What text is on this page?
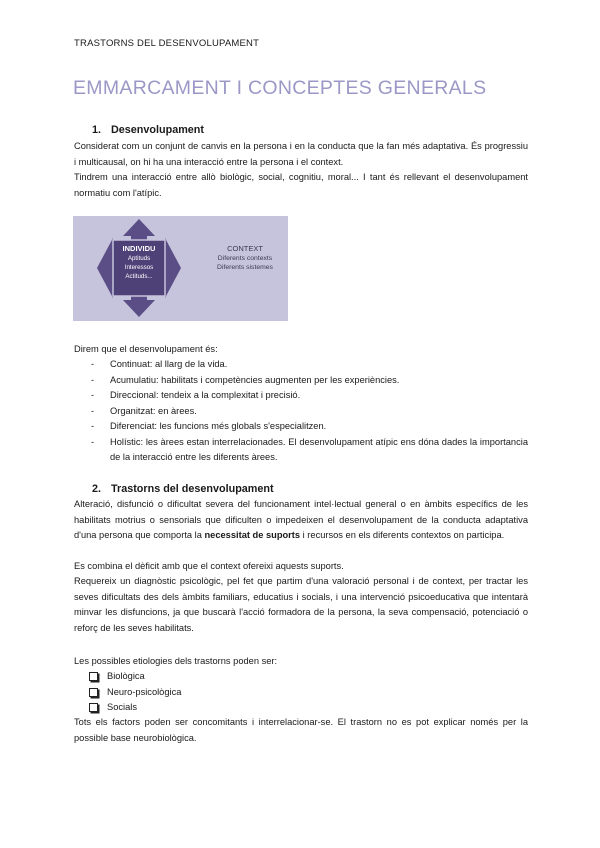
TRASTORNS DEL DESENVOLUPAMENT
EMMARCAMENT I CONCEPTES GENERALS
1. Desenvolupament
Considerat com un conjunt de canvis en la persona i en la conducta que la fan més adaptativa. És progressiu i multicausal, on hi ha una interacció entre la persona i el context.
Tindrem una interacció entre allò biològic, social, cognitiu, moral... I tant és rellevant el desenvolupament normatiu com l'atípic.
INDIVIDU
Aptituds
Interessos
Actituds...
CONTEXT
Diferents contexts
Diferents sistemes
Direm que el desenvolupament és:
- Continuat: al llarg de la vida.
- Acumulatiu: habilitats i competències augmenten per les experiències.
- Direccional: tendeix a la complexitat i precisió.
- Organitzat: en àrees.
- Diferenciat: les funcions més globals s'especialitzen.
- Holístic: les àrees estan interrelacionades. El desenvolupament atípic ens dóna dades la importancia de la interacció entre les diferents àrees.
2. Trastorns del desenvolupament
Alteració, disfunció o dificultat severa del funcionament intel·lectual general o en àmbits específics de les habilitats motrius o sensorials que dificulten o impedeixen el desenvolupament de la conducta adaptativa d'una persona que comporta la necessitat de suports i recursos en els diferents contextos on participa.
Es combina el dèficit amb que el context ofereixi aquests suports.
Requereix un diagnòstic psicològic, pel fet que partim d'una valoració personal i de context, per tractar les seves dificultats des dels àmbits familiars, educatius i socials, i una intervenció psicoeducativa que intentarà minvar les disfuncions, ja que buscarà l'acció formadora de la persona, la seva compensació, potenciació o reforç de les seves habilitats.
Les possibles etiologies dels trastorns poden ser:
Biològica
Neuro-psicològica
Socials
Tots els factors poden ser concomitants i interrelacionar-se. El trastorn no es pot explicar només per la possible base neurobiològica.
